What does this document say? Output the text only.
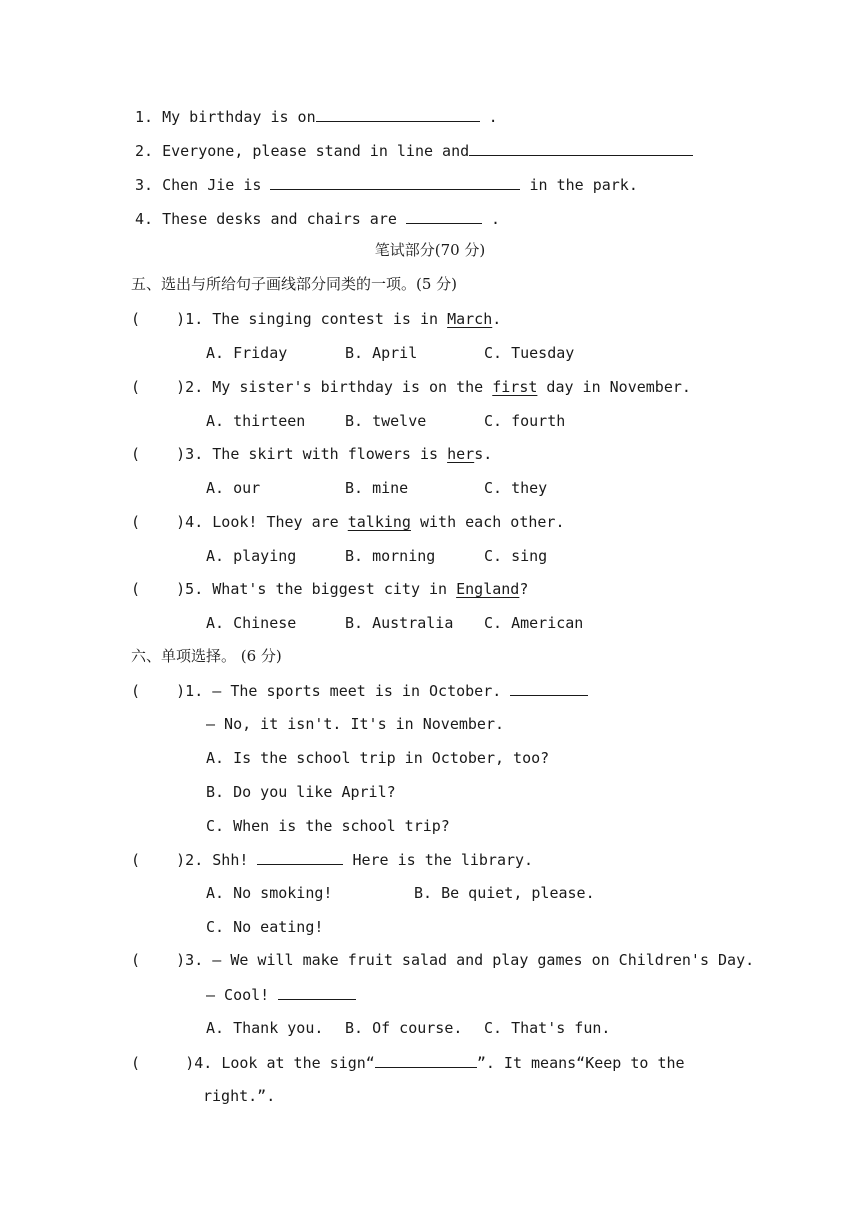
1. My birthday is on	.
2. Everyone, please stand in line and
3. Chen Jie is	in the park.
4. These desks and chairs are	.
笔试部分(70 分)
五、选出与所给句子画线部分同类的一项。(5 分)
( )1. The singing contest is in March.
A. Friday	B. April	C. Tuesday
( )2. My sister's birthday is on the first day in November.
A. thirteen	B. twelve	C. fourth
( )3. The skirt with flowers is hers.
A. our	B. mine	C. they
( )4. Look! They are talking with each other.
A. playing	B. morning	C. sing
( )5. What's the biggest city in England?
A. Chinese	B. Australia C. American
六、单项选择。 (6 分)
( )1. — The sports meet is in October.
— No, it isn't. It's in November.
A. Is the school trip in October, too?
B. Do you like April?
C. When is the school trip?
( )2. Shh!	Here is the library.
A. No smoking!	B. Be quiet, please.
C. No eating!
( )3. — We will make fruit salad and play games on Children's Day.
— Cool!
A. Thank you. B. Of course. C. That's fun.
(	)4. Look at the sign“	”. It means“Keep to the
right.”.
